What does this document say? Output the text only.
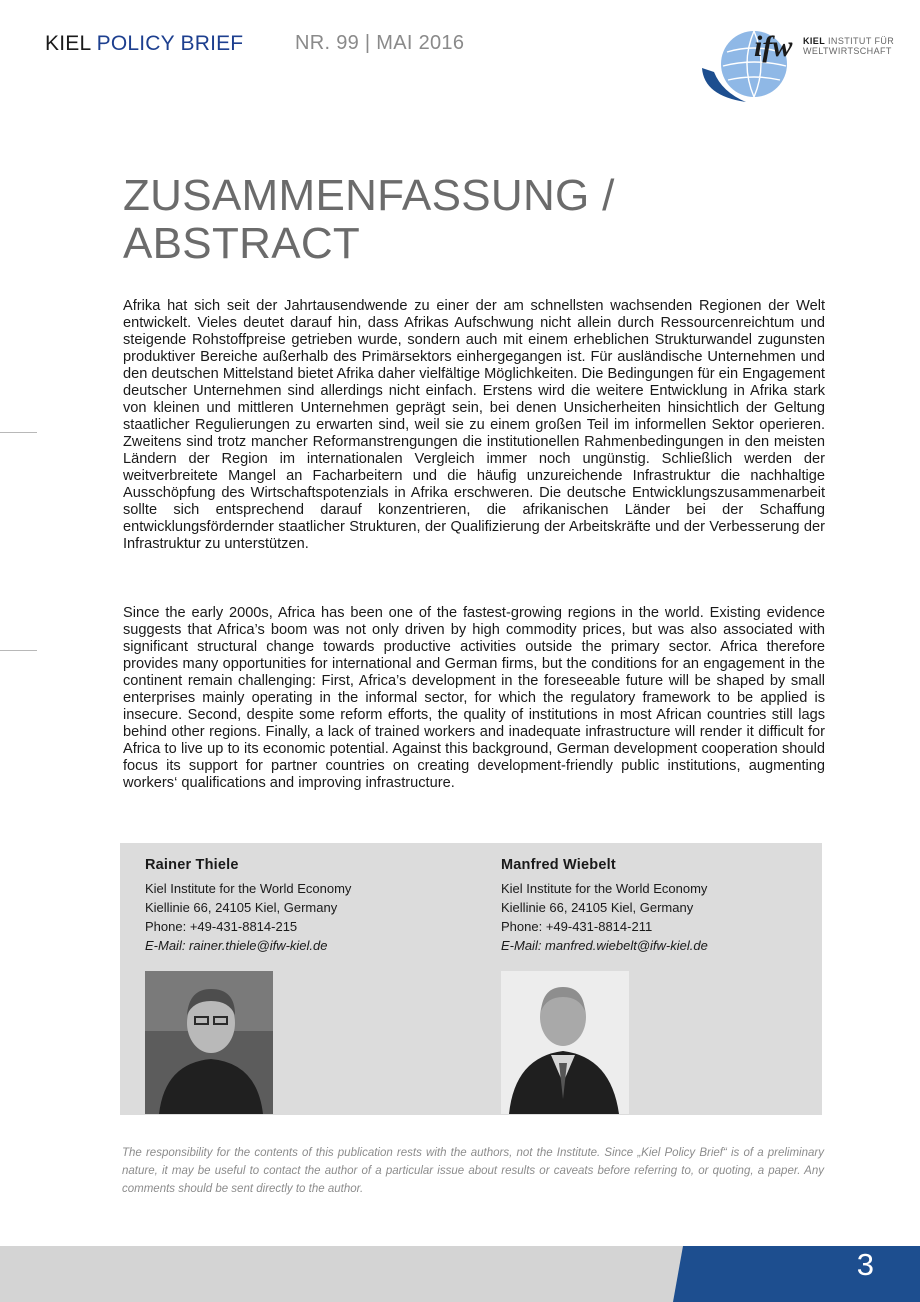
KIEL POLICY BRIEF	NR. 99 | MAI 2016	ifw KIEL INSTITUT FÜR
WELTWIRTSCHAFT
ZUSAMMENFASSUNG /
ABSTRACT

Afrika hat sich seit der Jahrtausendwende zu einer der am schnellsten wachsenden Regionen der Welt entwickelt. Vieles deutet darauf hin, dass Afrikas Aufschwung nicht allein durch Ressourcenreichtum und steigende Rohstoffpreise getrieben wurde, sondern auch mit einem erheblichen Strukturwandel zugunsten produktiver Bereiche außerhalb des Primärsektors einhergegangen ist. Für ausländische Unternehmen und den deutschen Mittelstand bietet Afrika daher vielfältige Möglichkeiten. Die Bedingungen für ein Engagement deutscher Unternehmen sind allerdings nicht einfach. Erstens wird die weitere Entwicklung in Afrika stark von kleinen und mittleren Unternehmen geprägt sein, bei denen Unsicherheiten hinsichtlich der Geltung staatlicher Regulierungen zu erwarten sind, weil sie zu einem großen Teil im informellen Sektor operieren. Zweitens sind trotz mancher Reformanstrengungen die institutionellen Rahmenbedingungen in den meisten Ländern der Region im internationalen Vergleich immer noch ungünstig. Schließlich werden der weitverbreitete Mangel an Facharbeitern und die häufig unzureichende Infrastruktur die nachhaltige Ausschöpfung des Wirtschaftspotenzials in Afrika erschweren. Die deutsche Entwicklungszusammenarbeit sollte sich entsprechend darauf konzentrieren, die afrikanischen Länder bei der Schaffung entwicklungsfördernder staatlicher Strukturen, der Qualifizierung der Arbeitskräfte und der Verbesserung der Infrastruktur zu unterstützen.

Since the early 2000s, Africa has been one of the fastest-growing regions in the world. Existing evidence suggests that Africa’s boom was not only driven by high commodity prices, but was also associated with significant structural change towards productive activities outside the primary sector. Africa therefore provides many opportunities for international and German firms, but the conditions for an engagement in the continent remain challenging: First, Africa’s development in the foreseeable future will be shaped by small enterprises mainly operating in the informal sector, for which the regulatory framework to be applied is insecure. Second, despite some reform efforts, the quality of institutions in most African countries still lags behind other regions. Finally, a lack of trained workers and inadequate infrastructure will render it difficult for Africa to live up to its economic potential. Against this background, German development cooperation should focus its support for partner countries on creating development-friendly public institutions, augmenting workers‘ qualifications and improving infrastructure.

Rainer Thiele
Kiel Institute for the World Economy
Kiellinie 66, 24105 Kiel, Germany
Phone: +49-431-8814-215
E-Mail: rainer.thiele@ifw-kiel.de
Manfred Wiebelt
Kiel Institute for the World Economy
Kiellinie 66, 24105 Kiel, Germany
Phone: +49-431-8814-211
E-Mail: manfred.wiebelt@ifw-kiel.de

The responsibility for the contents of this publication rests with the authors, not the Institute. Since „Kiel Policy Brief“ is of a preliminary nature, it may be useful to contact the author of a particular issue about results or caveats before referring to, or quoting, a paper. Any comments should be sent directly to the author.

3
